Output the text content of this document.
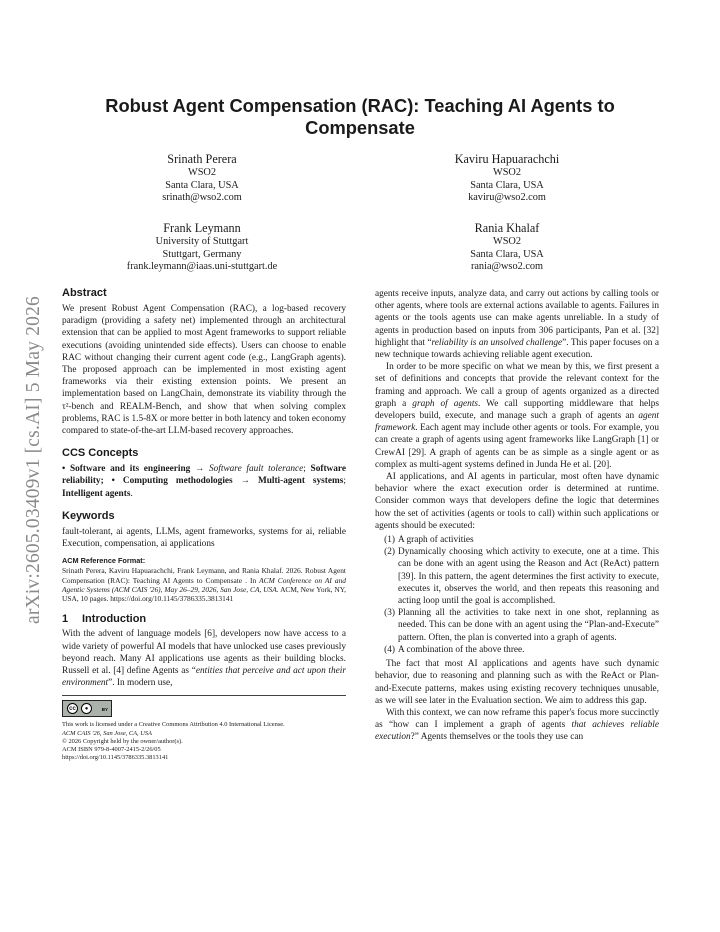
arXiv:2605.03409v1 [cs.AI] 5 May 2026
Robust Agent Compensation (RAC): Teaching AI Agents to
Compensate
Srinath Perera
WSO2
Santa Clara, USA
srinath@wso2.com
Kaviru Hapuarachchi
WSO2
Santa Clara, USA
kaviru@wso2.com
Frank Leymann
University of Stuttgart
Stuttgart, Germany
frank.leymann@iaas.uni-stuttgart.de
Rania Khalaf
WSO2
Santa Clara, USA
rania@wso2.com
Abstract

We present Robust Agent Compensation (RAC), a log-based recovery paradigm (providing a safety net) implemented through an architectural extension that can be applied to most Agent frameworks to support reliable executions (avoiding unintended side effects). Users can choose to enable RAC without changing their current agent code (e.g., LangGraph agents). The proposed approach can be implemented in most existing agent frameworks via their existing extension points. We present an implementation based on LangChain, demonstrate its viability through the τ²-bench and REALM-Bench, and show that when solving complex problems, RAC is 1.5-8X or more better in both latency and token economy compared to state-of-the-art LLM-based recovery approaches.

CCS Concepts

• Software and its engineering → Software fault tolerance; Software reliability; • Computing methodologies → Multi-agent systems; Intelligent agents.

Keywords

fault-tolerant, ai agents, LLMs, agent frameworks, systems for ai, reliable Execution, compensation, ai applications

ACM Reference Format:

Srinath Perera, Kaviru Hapuarachchi, Frank Leymann, and Rania Khalaf. 2026. Robust Agent Compensation (RAC): Teaching AI Agents to Compensate . In ACM Conference on AI and Agentic Systems (ACM CAIS '26), May 26–29, 2026, San Jose, CA, USA. ACM, New York, NY, USA, 10 pages. https://doi.org/10.1145/3786335.3813141

1 Introduction

With the advent of language models [6], developers now have access to a wide variety of powerful AI models that have unlocked use cases previously beyond reach. Many AI applications use agents as their building blocks. Russell et al. [4] define Agents as “entities that perceive and act upon their environment”. In modern use,

cc	●	BY

This work is licensed under a Creative Commons Attribution 4.0 International License.

ACM CAIS '26, San Jose, CA, USA

© 2026 Copyright held by the owner/author(s).

ACM ISBN 979-8-4007-2415-2/26/05

https://doi.org/10.1145/3786335.3813141

agents receive inputs, analyze data, and carry out actions by calling tools or other agents, where tools are external actions available to agents. Failures in agents or the tools agents use can make agents unreliable. In a study of agents in production based on inputs from 306 participants, Pan et al. [32] highlight that “reliability is an unsolved challenge”. This paper focuses on a new technique towards achieving reliable agent execution.

In order to be more specific on what we mean by this, we first present a set of definitions and concepts that provide the relevant context for the framing and approach. We call a group of agents organized as a directed graph a graph of agents. We call supporting middleware that helps developers build, execute, and manage such a graph of agents an agent framework. Each agent may include other agents or tools. For example, you can create a graph of agents using agent frameworks like LangGraph [1] or CrewAI [29]. A graph of agents can be as simple as a single agent or as complex as multi-agent systems defined in Junda He et al. [20].

AI applications, and AI agents in particular, most often have dynamic behavior where the exact execution order is determined at runtime. Consider common ways that developers define the logic that determines how the set of activities (agents or tools to call) within such applications or agents should be executed:

(1) A graph of activities
(2) Dynamically choosing which activity to execute, one at a time. This can be done with an agent using the Reason and Act (ReAct) pattern [39]. In this pattern, the agent determines the first activity to execute, executes it, observes the world, and then repeats this reasoning and acting loop until the goal is accomplished.
(3) Planning all the activities to take next in one shot, replanning as needed. This can be done with an agent using the “Plan-and-Execute” pattern. Often, the plan is converted into a graph of agents.
(4) A combination of the above three.

The fact that most AI applications and agents have such dynamic behavior, due to reasoning and planning such as with the ReAct or Plan-and-Execute patterns, makes using existing recovery techniques unusable, as we will see later in the Evaluation section. We aim to address this gap.

With this context, we can now reframe this paper's focus more succinctly as “how can I implement a graph of agents that achieves reliable execution?” Agents themselves or the tools they use can
